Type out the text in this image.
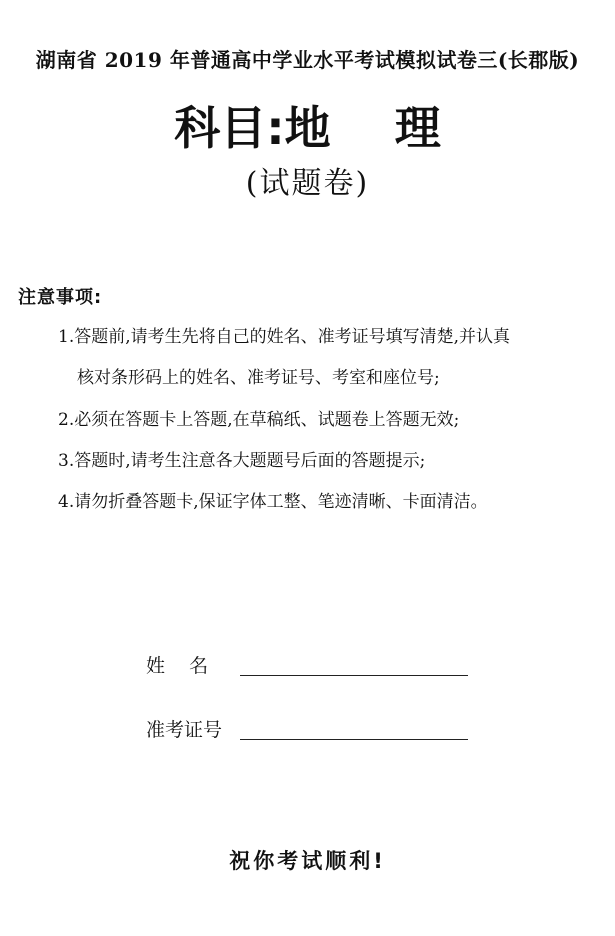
湖南省 2019 年普通高中学业水平考试模拟试卷三(长郡版)
科目:地    理
(试题卷)
注意事项:
1.答题前,请考生先将自己的姓名、准考证号填写清楚,并认真
核对条形码上的姓名、准考证号、考室和座位号;
2.必须在答题卡上答题,在草稿纸、试题卷上答题无效;
3.答题时,请考生注意各大题题号后面的答题提示;
4.请勿折叠答题卡,保证字体工整、笔迹清晰、卡面清洁。
姓    名
准考证号
祝你考试顺利!
